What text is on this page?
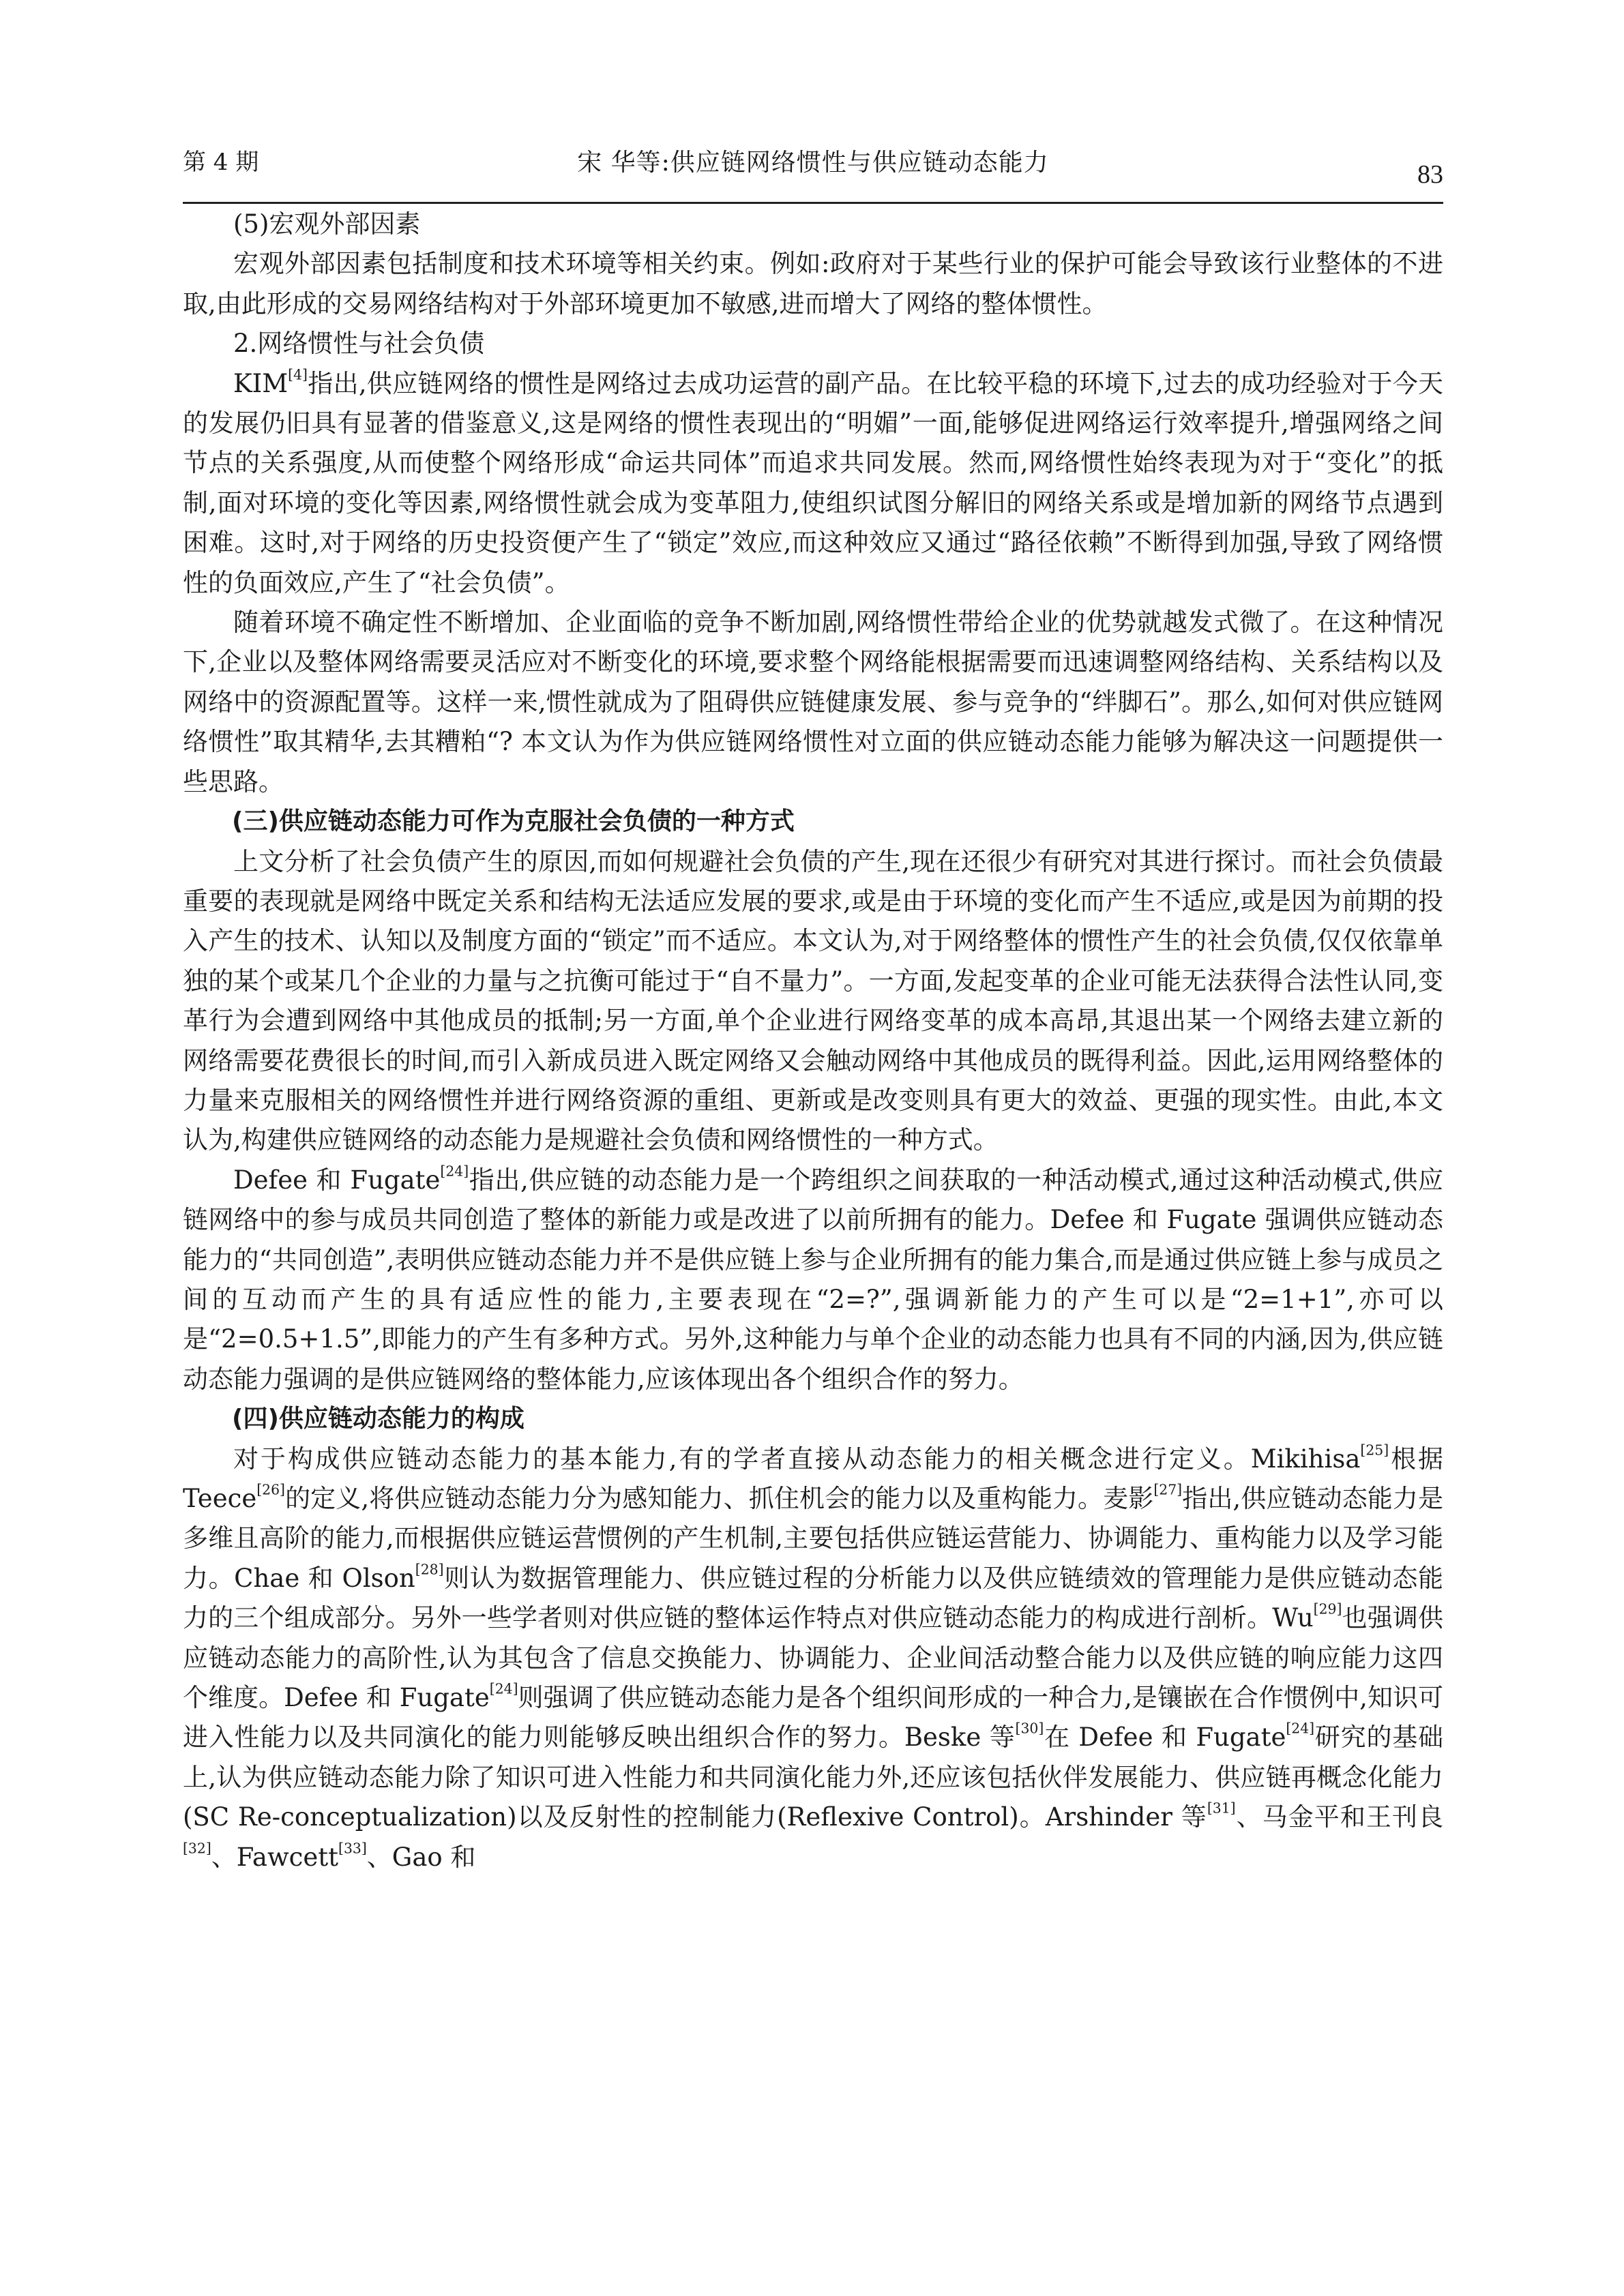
第 4 期	宋 华等:供应链网络惯性与供应链动态能力	83
(5)宏观外部因素

宏观外部因素包括制度和技术环境等相关约束。例如:政府对于某些行业的保护可能会导致该行业整体的不进取,由此形成的交易网络结构对于外部环境更加不敏感,进而增大了网络的整体惯性。

2.网络惯性与社会负债

KIM[4]指出,供应链网络的惯性是网络过去成功运营的副产品。在比较平稳的环境下,过去的成功经验对于今天的发展仍旧具有显著的借鉴意义,这是网络的惯性表现出的“明媚”一面,能够促进网络运行效率提升,增强网络之间节点的关系强度,从而使整个网络形成“命运共同体”而追求共同发展。然而,网络惯性始终表现为对于“变化”的抵制,面对环境的变化等因素,网络惯性就会成为变革阻力,使组织试图分解旧的网络关系或是增加新的网络节点遇到困难。这时,对于网络的历史投资便产生了“锁定”效应,而这种效应又通过“路径依赖”不断得到加强,导致了网络惯性的负面效应,产生了“社会负债”。

随着环境不确定性不断增加、企业面临的竞争不断加剧,网络惯性带给企业的优势就越发式微了。在这种情况下,企业以及整体网络需要灵活应对不断变化的环境,要求整个网络能根据需要而迅速调整网络结构、关系结构以及网络中的资源配置等。这样一来,惯性就成为了阻碍供应链健康发展、参与竞争的“绊脚石”。那么,如何对供应链网络惯性”取其精华,去其糟粕“? 本文认为作为供应链网络惯性对立面的供应链动态能力能够为解决这一问题提供一些思路。

(三)供应链动态能力可作为克服社会负债的一种方式

上文分析了社会负债产生的原因,而如何规避社会负债的产生,现在还很少有研究对其进行探讨。而社会负债最重要的表现就是网络中既定关系和结构无法适应发展的要求,或是由于环境的变化而产生不适应,或是因为前期的投入产生的技术、认知以及制度方面的“锁定”而不适应。本文认为,对于网络整体的惯性产生的社会负债,仅仅依靠单独的某个或某几个企业的力量与之抗衡可能过于“自不量力”。一方面,发起变革的企业可能无法获得合法性认同,变革行为会遭到网络中其他成员的抵制;另一方面,单个企业进行网络变革的成本高昂,其退出某一个网络去建立新的网络需要花费很长的时间,而引入新成员进入既定网络又会触动网络中其他成员的既得利益。因此,运用网络整体的力量来克服相关的网络惯性并进行网络资源的重组、更新或是改变则具有更大的效益、更强的现实性。由此,本文认为,构建供应链网络的动态能力是规避社会负债和网络惯性的一种方式。

Defee 和 Fugate[24]指出,供应链的动态能力是一个跨组织之间获取的一种活动模式,通过这种活动模式,供应链网络中的参与成员共同创造了整体的新能力或是改进了以前所拥有的能力。Defee 和 Fugate 强调供应链动态能力的“共同创造”,表明供应链动态能力并不是供应链上参与企业所拥有的能力集合,而是通过供应链上参与成员之间的互动而产生的具有适应性的能力,主要表现在“2=?”,强调新能力的产生可以是“2=1+1”,亦可以是“2=0.5+1.5”,即能力的产生有多种方式。另外,这种能力与单个企业的动态能力也具有不同的内涵,因为,供应链动态能力强调的是供应链网络的整体能力,应该体现出各个组织合作的努力。

(四)供应链动态能力的构成

对于构成供应链动态能力的基本能力,有的学者直接从动态能力的相关概念进行定义。Mikihisa[25]根据 Teece[26]的定义,将供应链动态能力分为感知能力、抓住机会的能力以及重构能力。麦影[27]指出,供应链动态能力是多维且高阶的能力,而根据供应链运营惯例的产生机制,主要包括供应链运营能力、协调能力、重构能力以及学习能力。Chae 和 Olson[28]则认为数据管理能力、供应链过程的分析能力以及供应链绩效的管理能力是供应链动态能力的三个组成部分。另外一些学者则对供应链的整体运作特点对供应链动态能力的构成进行剖析。Wu[29]也强调供应链动态能力的高阶性,认为其包含了信息交换能力、协调能力、企业间活动整合能力以及供应链的响应能力这四个维度。Defee 和 Fugate[24]则强调了供应链动态能力是各个组织间形成的一种合力,是镶嵌在合作惯例中,知识可进入性能力以及共同演化的能力则能够反映出组织合作的努力。Beske 等[30]在 Defee 和 Fugate[24]研究的基础上,认为供应链动态能力除了知识可进入性能力和共同演化能力外,还应该包括伙伴发展能力、供应链再概念化能力(SC Re-conceptualization)以及反射性的控制能力(Reflexive Control)。Arshinder 等[31]、马金平和王刊良[32]、Fawcett[33]、Gao 和
